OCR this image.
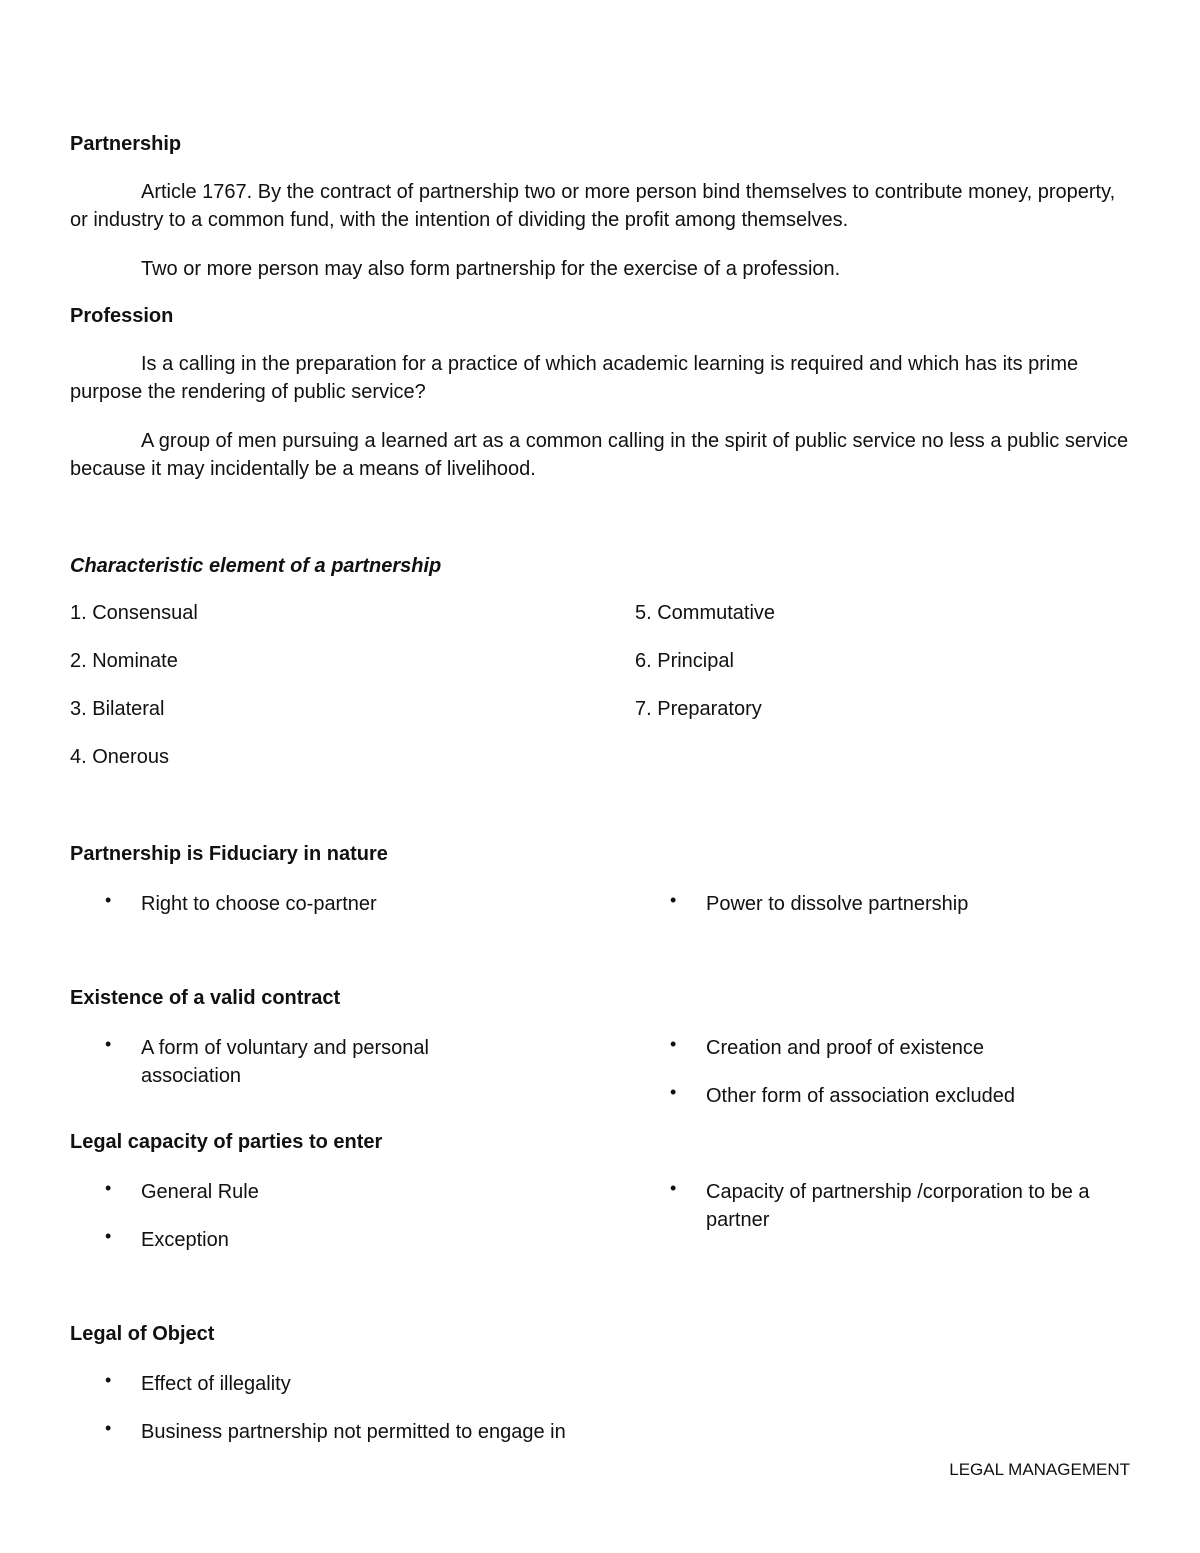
Partnership
Article 1767. By the contract of partnership two or more person bind themselves to contribute money, property, or industry to a common fund, with the intention of dividing the profit among themselves.
Two or more person may also form partnership for the exercise of a profession.
Profession
Is a calling in the preparation for a practice of which academic learning is required and which has its prime purpose the rendering of public service?
A group of men pursuing a learned art as a common calling in the spirit of public service no less a public service because it may incidentally be a means of livelihood.
Characteristic element of a partnership
1. Consensual
2. Nominate
3. Bilateral
4. Onerous
5. Commutative
6. Principal
7. Preparatory
Partnership is Fiduciary in nature
• Right to choose co-partner	• Power to dissolve partnership
Existence of a valid contract
• A form of voluntary and personal association
• Creation and proof of existence
• Other form of association excluded
Legal capacity of parties to enter
• General Rule
• Exception
• Capacity of partnership /corporation to be a partner
Legal of Object
• Effect of illegality
• Business partnership not permitted to engage in
LEGAL MANAGEMENT
